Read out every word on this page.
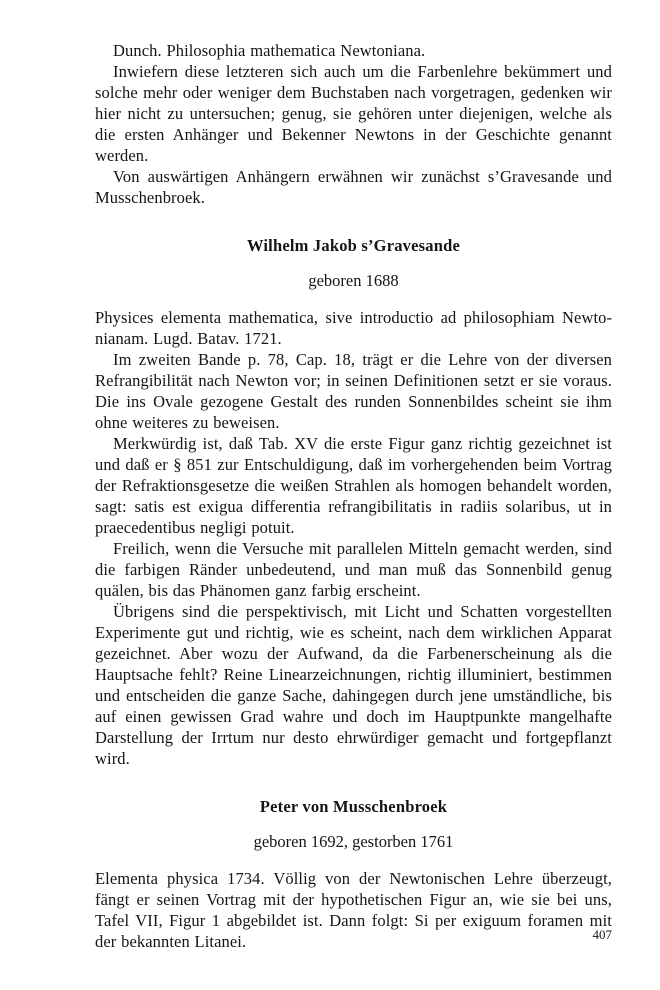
Dunch. Philosophia mathematica Newtoniana.

Inwiefern diese letzteren sich auch um die Farbenlehre bekümmert und solche mehr oder weniger dem Buchstaben nach vorgetragen, gedenken wir hier nicht zu untersuchen; genug, sie gehören unter diejenigen, welche als die ersten Anhänger und Bekenner Newtons in der Geschichte genannt werden.

Von auswärtigen Anhängern erwähnen wir zunächst s’Gravesande und Musschenbroek.

Wilhelm Jakob s’Gravesande

geboren 1688

Physices elementa mathematica, sive introductio ad philosophiam Newtonianam. Lugd. Batav. 1721.

Im zweiten Bande p. 78, Cap. 18, trägt er die Lehre von der diversen Refrangibilität nach Newton vor; in seinen Definitionen setzt er sie voraus. Die ins Ovale gezogene Gestalt des runden Sonnenbildes scheint sie ihm ohne weiteres zu beweisen.

Merkwürdig ist, daß Tab. XV die erste Figur ganz richtig gezeichnet ist und daß er § 851 zur Entschuldigung, daß im vorhergehenden beim Vortrag der Refraktionsgesetze die weißen Strahlen als homogen behandelt worden, sagt: satis est exigua differentia refrangibilitatis in radiis solaribus, ut in praecedentibus negligi potuit.

Freilich, wenn die Versuche mit parallelen Mitteln gemacht werden, sind die farbigen Ränder unbedeutend, und man muß das Sonnenbild genug quälen, bis das Phänomen ganz farbig erscheint.

Übrigens sind die perspektivisch, mit Licht und Schatten vorgestellten Experimente gut und richtig, wie es scheint, nach dem wirklichen Apparat gezeichnet. Aber wozu der Aufwand, da die Farbenerscheinung als die Hauptsache fehlt? Reine Linearzeichnungen, richtig illuminiert, bestimmen und entscheiden die ganze Sache, dahingegen durch jene umständliche, bis auf einen gewissen Grad wahre und doch im Hauptpunkte mangelhafte Darstellung der Irrtum nur desto ehrwürdiger gemacht und fortgepflanzt wird.

Peter von Musschenbroek

geboren 1692, gestorben 1761

Elementa physica 1734. Völlig von der Newtonischen Lehre überzeugt, fängt er seinen Vortrag mit der hypothetischen Figur an, wie sie bei uns, Tafel VII, Figur 1 abgebildet ist. Dann folgt: Si per exiguum foramen mit der bekannten Litanei.	407
